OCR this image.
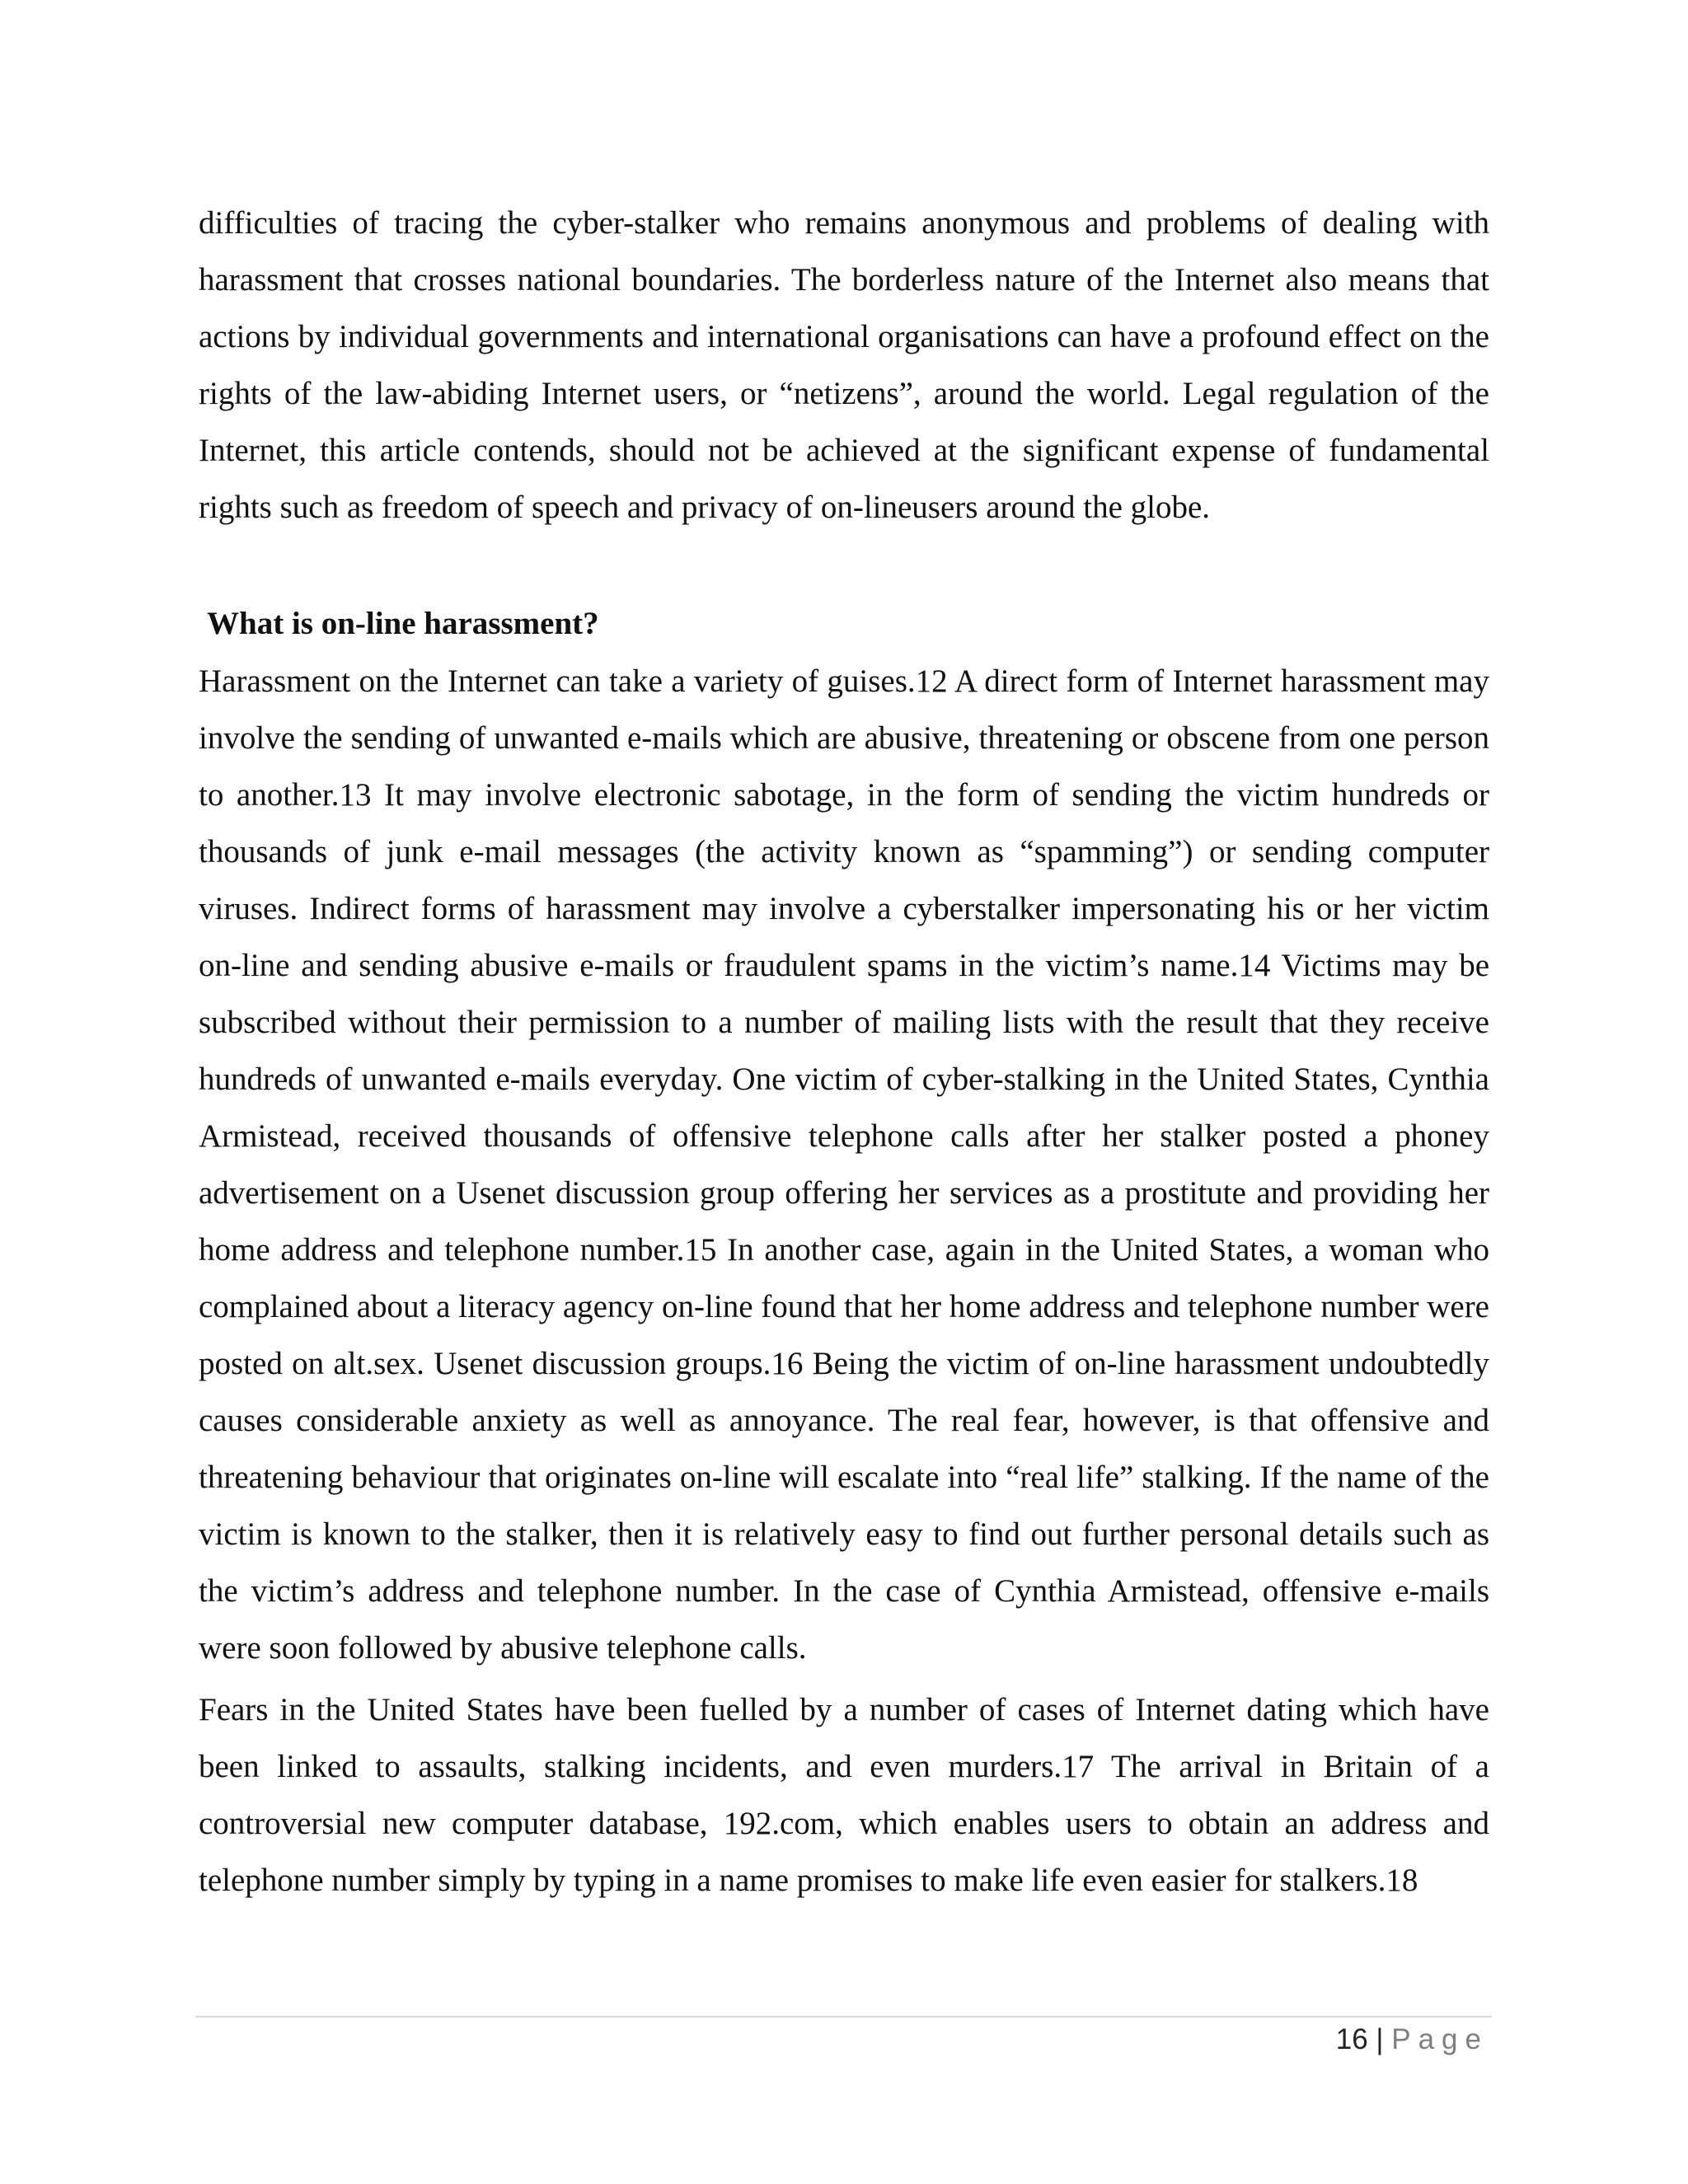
difficulties of tracing the cyber-stalker who remains anonymous and problems of dealing with harassment that crosses national boundaries. The borderless nature of the Internet also means that actions by individual governments and international organisations can have a profound effect on the rights of the law-abiding Internet users, or “netizens”, around the world. Legal regulation of the Internet, this article contends, should not be achieved at the significant expense of fundamental rights such as freedom of speech and privacy of on-lineusers around the globe.

What is on-line harassment?

Harassment on the Internet can take a variety of guises.12 A direct form of Internet harassment may involve the sending of unwanted e-mails which are abusive, threatening or obscene from one person to another.13 It may involve electronic sabotage, in the form of sending the victim hundreds or thousands of junk e-mail messages (the activity known as “spamming”) or sending computer viruses. Indirect forms of harassment may involve a cyberstalker impersonating his or her victim on-line and sending abusive e-mails or fraudulent spams in the victim’s name.14 Victims may be subscribed without their permission to a number of mailing lists with the result that they receive hundreds of unwanted e-mails everyday. One victim of cyber-stalking in the United States, Cynthia Armistead, received thousands of offensive telephone calls after her stalker posted a phoney advertisement on a Usenet discussion group offering her services as a prostitute and providing her home address and telephone number.15 In another case, again in the United States, a woman who complained about a literacy agency on-line found that her home address and telephone number were posted on alt.sex. Usenet discussion groups.16 Being the victim of on-line harassment undoubtedly causes considerable anxiety as well as annoyance. The real fear, however, is that offensive and threatening behaviour that originates on-line will escalate into “real life” stalking. If the name of the victim is known to the stalker, then it is relatively easy to find out further personal details such as the victim’s address and telephone number. In the case of Cynthia Armistead, offensive e-mails were soon followed by abusive telephone calls.

Fears in the United States have been fuelled by a number of cases of Internet dating which have been linked to assaults, stalking incidents, and even murders.17 The arrival in Britain of a controversial new computer database, 192.com, which enables users to obtain an address and telephone number simply by typing in a name promises to make life even easier for stalkers.18

16 | Page
